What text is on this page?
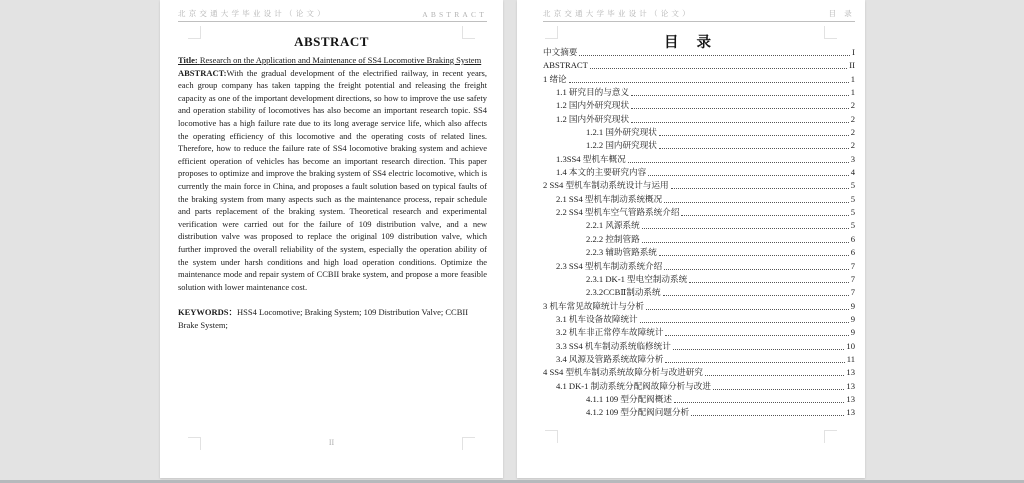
北京交通大学毕业设计（论文）	ABSTRACT
ABSTRACT

Title: Research on the Application and Maintenance of SS4 Locomotive Braking System

ABSTRACT:With the gradual development of the electrified railway, in recent years, each group company has taken tapping the freight potential and releasing the freight capacity as one of the important development directions, so how to improve the use safety and operation stability of locomotives has also become an important research topic. SS4 locomotive has a high failure rate due to its long average service life, which also affects the operating efficiency of this locomotive and the operating costs of related lines. Therefore, how to reduce the failure rate of SS4 locomotive braking system and achieve efficient operation of vehicles has become an important research direction. This paper proposes to optimize and improve the braking system of SS4 electric locomotive, which is currently the main force in China, and proposes a fault solution based on typical faults of the braking system from many aspects such as the maintenance process, repair schedule and parts replacement of the braking system. Theoretical research and experimental verification were carried out for the failure of 109 distribution valve, and a new distribution valve was proposed to replace the original 109 distribution valve, which further improved the overall reliability of the system, especially the operation ability of the system under harsh conditions and high load operation conditions. Optimize the maintenance mode and repair system of CCBII brake system, and propose a more feasible solution with lower maintenance cost.

KEYWORDS：HSS4 Locomotive; Braking System; 109 Distribution Valve; CCBII Brake System;

II
北京交通大学毕业设计（论文）	目 录
目 录
中文摘要	I
ABSTRACT	II
1 绪论	1
1.1 研究目的与意义	1
1.2 国内外研究现状	2
1.2 国内外研究现状	2
1.2.1 国外研究现状	2
1.2.2 国内研究现状	2
1.3SS4 型机车概况	3
1.4 本文的主要研究内容	4
2 SS4 型机车制动系统设计与运用	5
2.1 SS4 型机车制动系统概况	5
2.2 SS4 型机车空气管路系统介绍	5
2.2.1 风源系统	5
2.2.2 控制管路	6
2.2.3 辅助管路系统	6
2.3 SS4 型机车制动系统介绍	7
2.3.1 DK-1 型电空制动系统	7
2.3.2CCBⅡ制动系统	7
3 机车常见故障统计与分析	9
3.1 机车设备故障统计	9
3.2 机车非正常停车故障统计	9
3.3 SS4 机车制动系统临修统计	10
3.4 风源及管路系统故障分析	11
4 SS4 型机车制动系统故障分析与改进研究	13
4.1 DK-1 制动系统分配阀故障分析与改进	13
4.1.1 109 型分配阀概述	13
4.1.2 109 型分配阀问题分析	13
